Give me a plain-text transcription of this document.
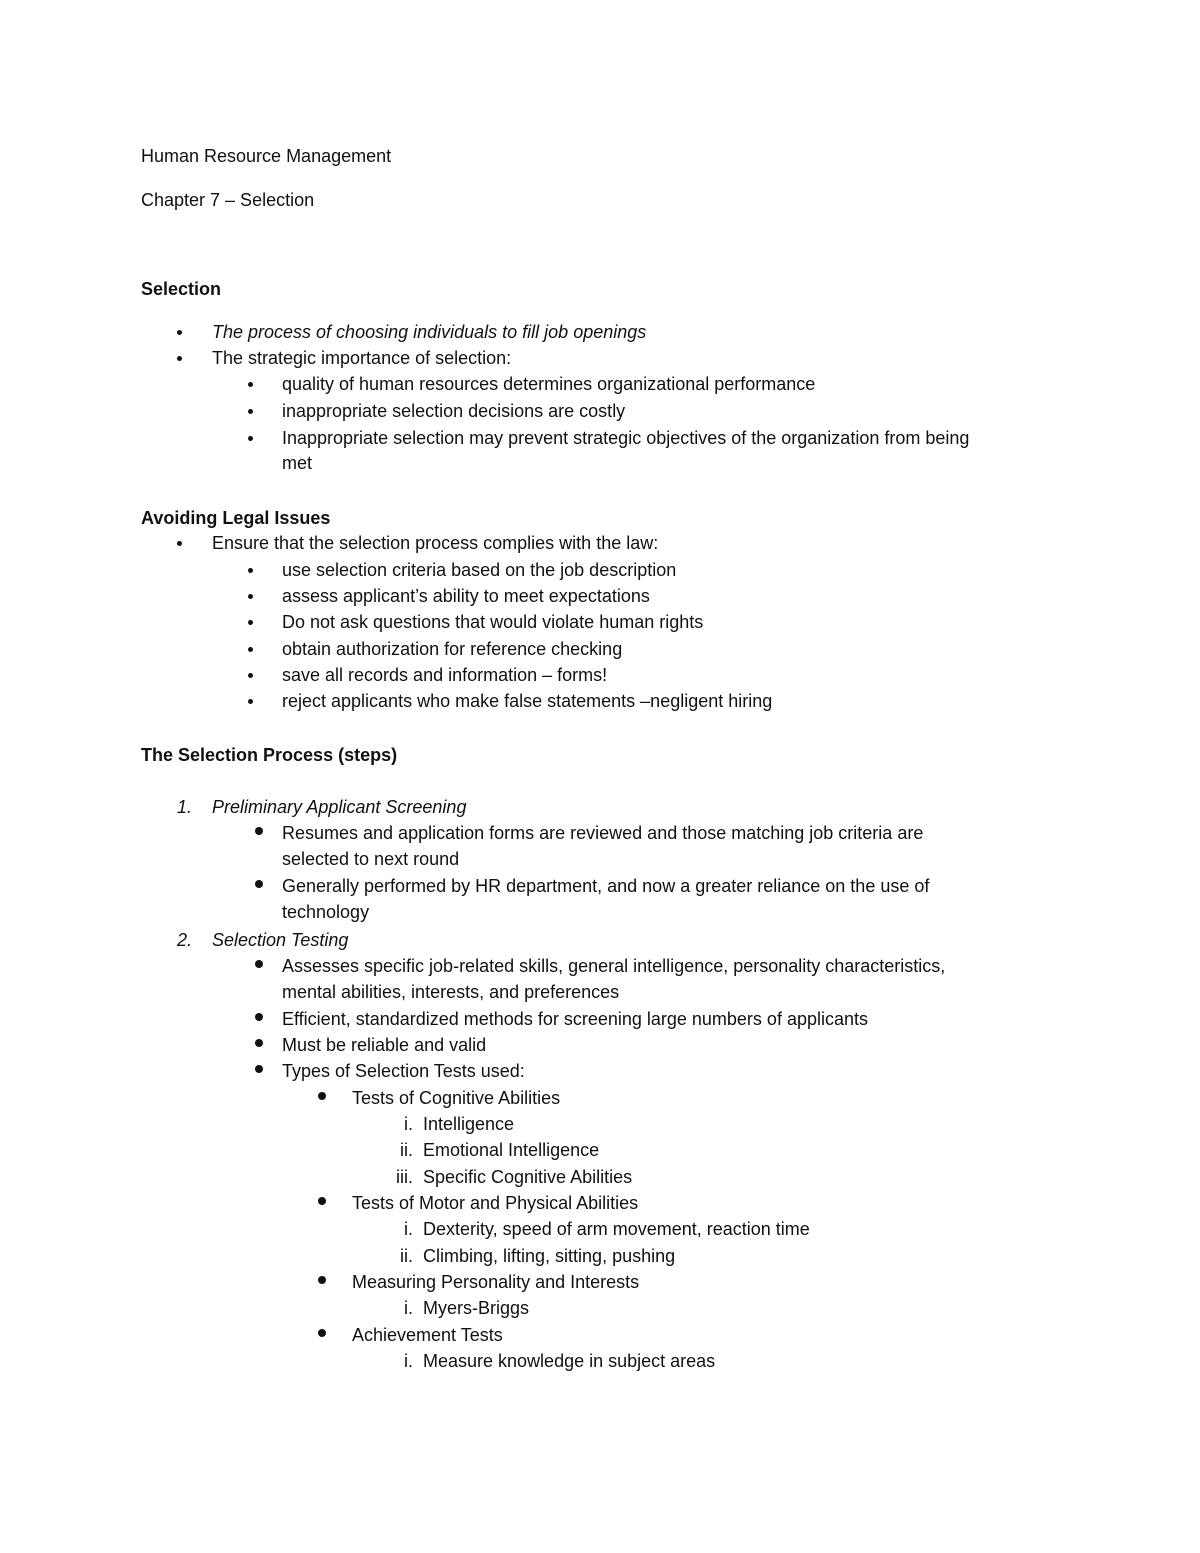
Human Resource Management
Chapter 7 – Selection
Selection
The process of choosing individuals to fill job openings
The strategic importance of selection:
quality of human resources determines organizational performance
inappropriate selection decisions are costly
Inappropriate selection may prevent strategic objectives of the organization from being
met
Avoiding Legal Issues
Ensure that the selection process complies with the law:
use selection criteria based on the job description
assess applicant’s ability to meet expectations
Do not ask questions that would violate human rights
obtain authorization for reference checking
save all records and information – forms!
reject applicants who make false statements –negligent hiring
The Selection Process (steps)
1. Preliminary Applicant Screening
Resumes and application forms are reviewed and those matching job criteria are
selected to next round
Generally performed by HR department, and now a greater reliance on the use of
technology
2. Selection Testing
Assesses specific job-related skills, general intelligence, personality characteristics,
mental abilities, interests, and preferences
Efficient, standardized methods for screening large numbers of applicants
Must be reliable and valid
Types of Selection Tests used:
Tests of Cognitive Abilities
i. Intelligence
ii. Emotional Intelligence
iii. Specific Cognitive Abilities
Tests of Motor and Physical Abilities
i. Dexterity, speed of arm movement, reaction time
ii. Climbing, lifting, sitting, pushing
Measuring Personality and Interests
i. Myers-Briggs
Achievement Tests
i. Measure knowledge in subject areas
